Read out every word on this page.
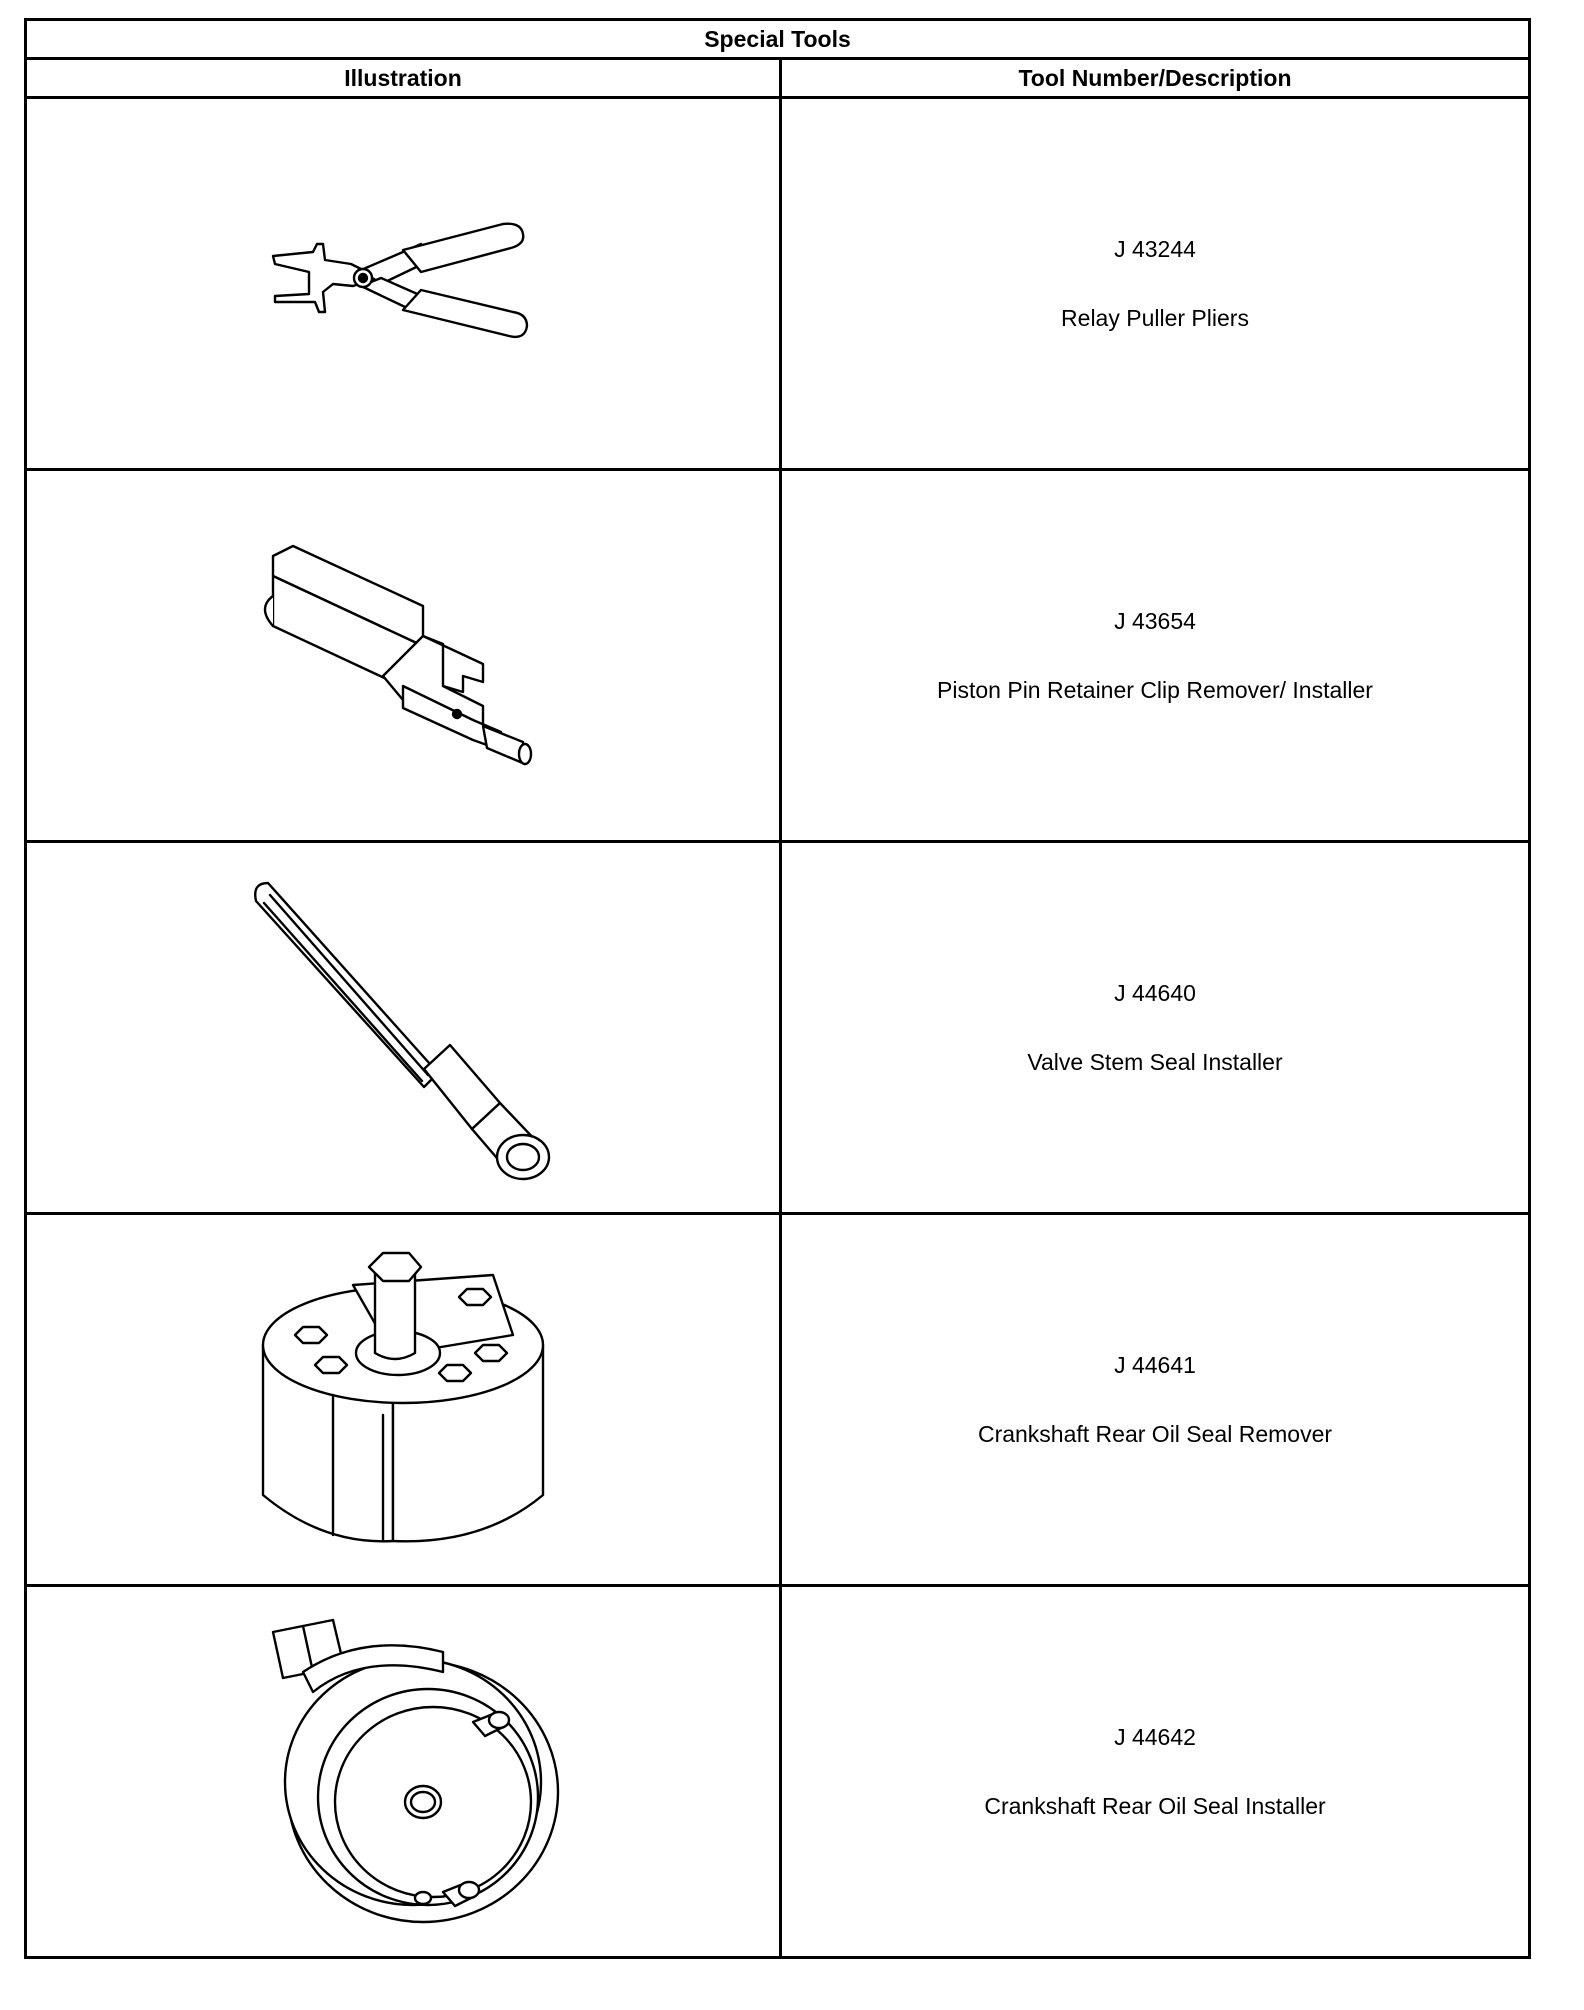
Special Tools	
Illustration	Tool Number/Description

J 43244
Relay Puller Pliers

J 43654
Piston Pin Retainer Clip Remover/ Installer

J 44640
Valve Stem Seal Installer

J 44641
Crankshaft Rear Oil Seal Remover

J 44642
Crankshaft Rear Oil Seal Installer
